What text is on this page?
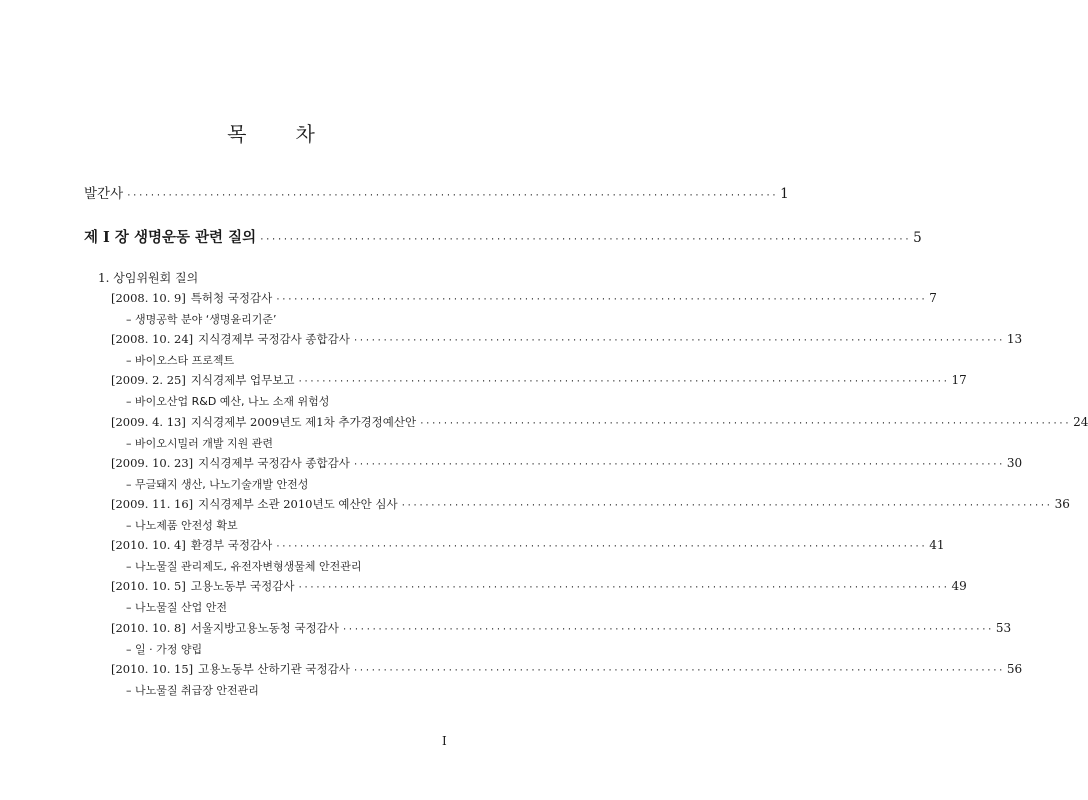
목 차
발간사 ·············································································································· 1
제 I 장 생명운동 관련 질의 ·············································································································· 5
1. 상임위원회 질의
[2008. 10. 9] 특허청 국정감사 ·············································································································· 7
– 생명공학 분야 ‘생명윤리기준’
[2008. 10. 24] 지식경제부 국정감사 종합감사 ·············································································································· 13
– 바이오스타 프로젝트
[2009. 2. 25] 지식경제부 업무보고 ·············································································································· 17
– 바이오산업 R&D 예산, 나노 소재 위험성
[2009. 4. 13] 지식경제부 2009년도 제1차 추가경정예산안 ·············································································································· 24
– 바이오시밀러 개발 지원 관련
[2009. 10. 23] 지식경제부 국정감사 종합감사 ·············································································································· 30
– 무글돼지 생산, 나노기술개발 안전성
[2009. 11. 16] 지식경제부 소관 2010년도 예산안 심사 ·············································································································· 36
– 나노제품 안전성 확보
[2010. 10. 4] 환경부 국정감사 ·············································································································· 41
– 나노물질 관리제도, 유전자변형생물체 안전관리
[2010. 10. 5] 고용노동부 국정감사 ·············································································································· 49
– 나노물질 산업 안전
[2010. 10. 8] 서울지방고용노동청 국정감사 ·············································································································· 53
– 일 · 가정 양립
[2010. 10. 15] 고용노동부 산하기관 국정감사 ·············································································································· 56
– 나노물질 취급장 안전관리
I
